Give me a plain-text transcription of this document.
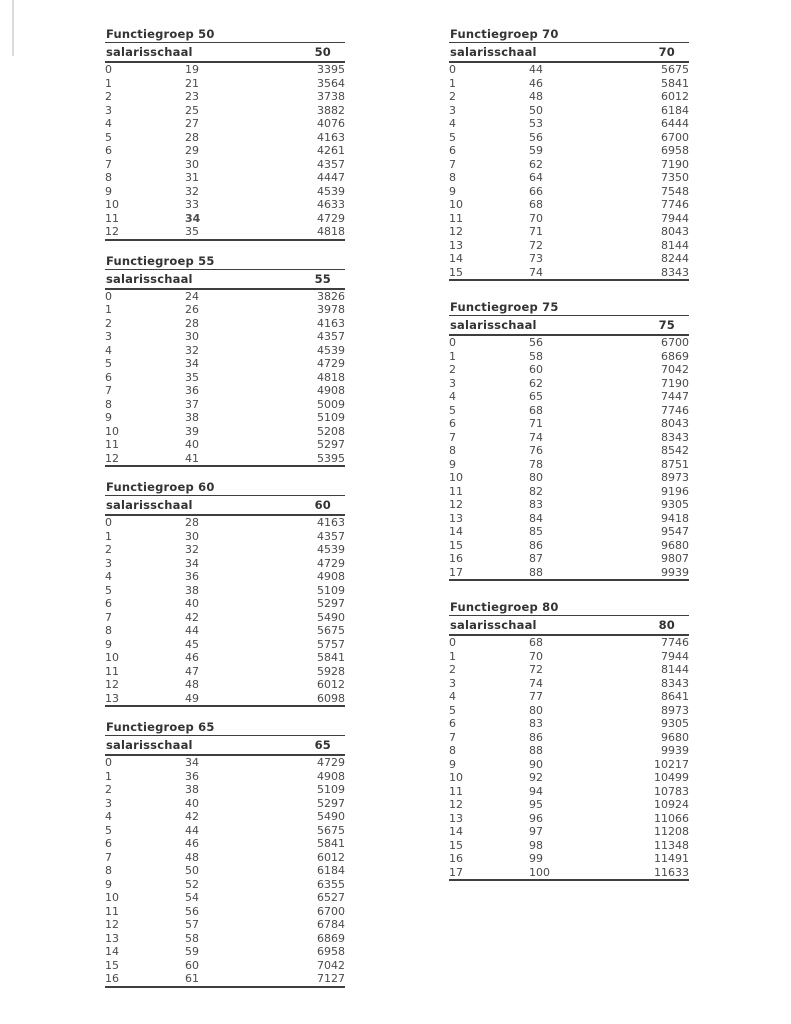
Functiegroep 50
salarisschaal		50
0	19	3395
1	21	3564
2	23	3738
3	25	3882
4	27	4076
5	28	4163
6	29	4261
7	30	4357
8	31	4447
9	32	4539
10	33	4633
11	34	4729
12	35	4818
Functiegroep 55
salarisschaal		55
0	24	3826
1	26	3978
2	28	4163
3	30	4357
4	32	4539
5	34	4729
6	35	4818
7	36	4908
8	37	5009
9	38	5109
10	39	5208
11	40	5297
12	41	5395
Functiegroep 60
salarisschaal		60
0	28	4163
1	30	4357
2	32	4539
3	34	4729
4	36	4908
5	38	5109
6	40	5297
7	42	5490
8	44	5675
9	45	5757
10	46	5841
11	47	5928
12	48	6012
13	49	6098
Functiegroep 65
salarisschaal		65
0	34	4729
1	36	4908
2	38	5109
3	40	5297
4	42	5490
5	44	5675
6	46	5841
7	48	6012
8	50	6184
9	52	6355
10	54	6527
11	56	6700
12	57	6784
13	58	6869
14	59	6958
15	60	7042
16	61	7127
Functiegroep 70
salarisschaal		70
0	44	5675
1	46	5841
2	48	6012
3	50	6184
4	53	6444
5	56	6700
6	59	6958
7	62	7190
8	64	7350
9	66	7548
10	68	7746
11	70	7944
12	71	8043
13	72	8144
14	73	8244
15	74	8343
Functiegroep 75
salarisschaal		75
0	56	6700
1	58	6869
2	60	7042
3	62	7190
4	65	7447
5	68	7746
6	71	8043
7	74	8343
8	76	8542
9	78	8751
10	80	8973
11	82	9196
12	83	9305
13	84	9418
14	85	9547
15	86	9680
16	87	9807
17	88	9939
Functiegroep 80
salarisschaal		80
0	68	7746
1	70	7944
2	72	8144
3	74	8343
4	77	8641
5	80	8973
6	83	9305
7	86	9680
8	88	9939
9	90	10217
10	92	10499
11	94	10783
12	95	10924
13	96	11066
14	97	11208
15	98	11348
16	99	11491
17	100	11633
